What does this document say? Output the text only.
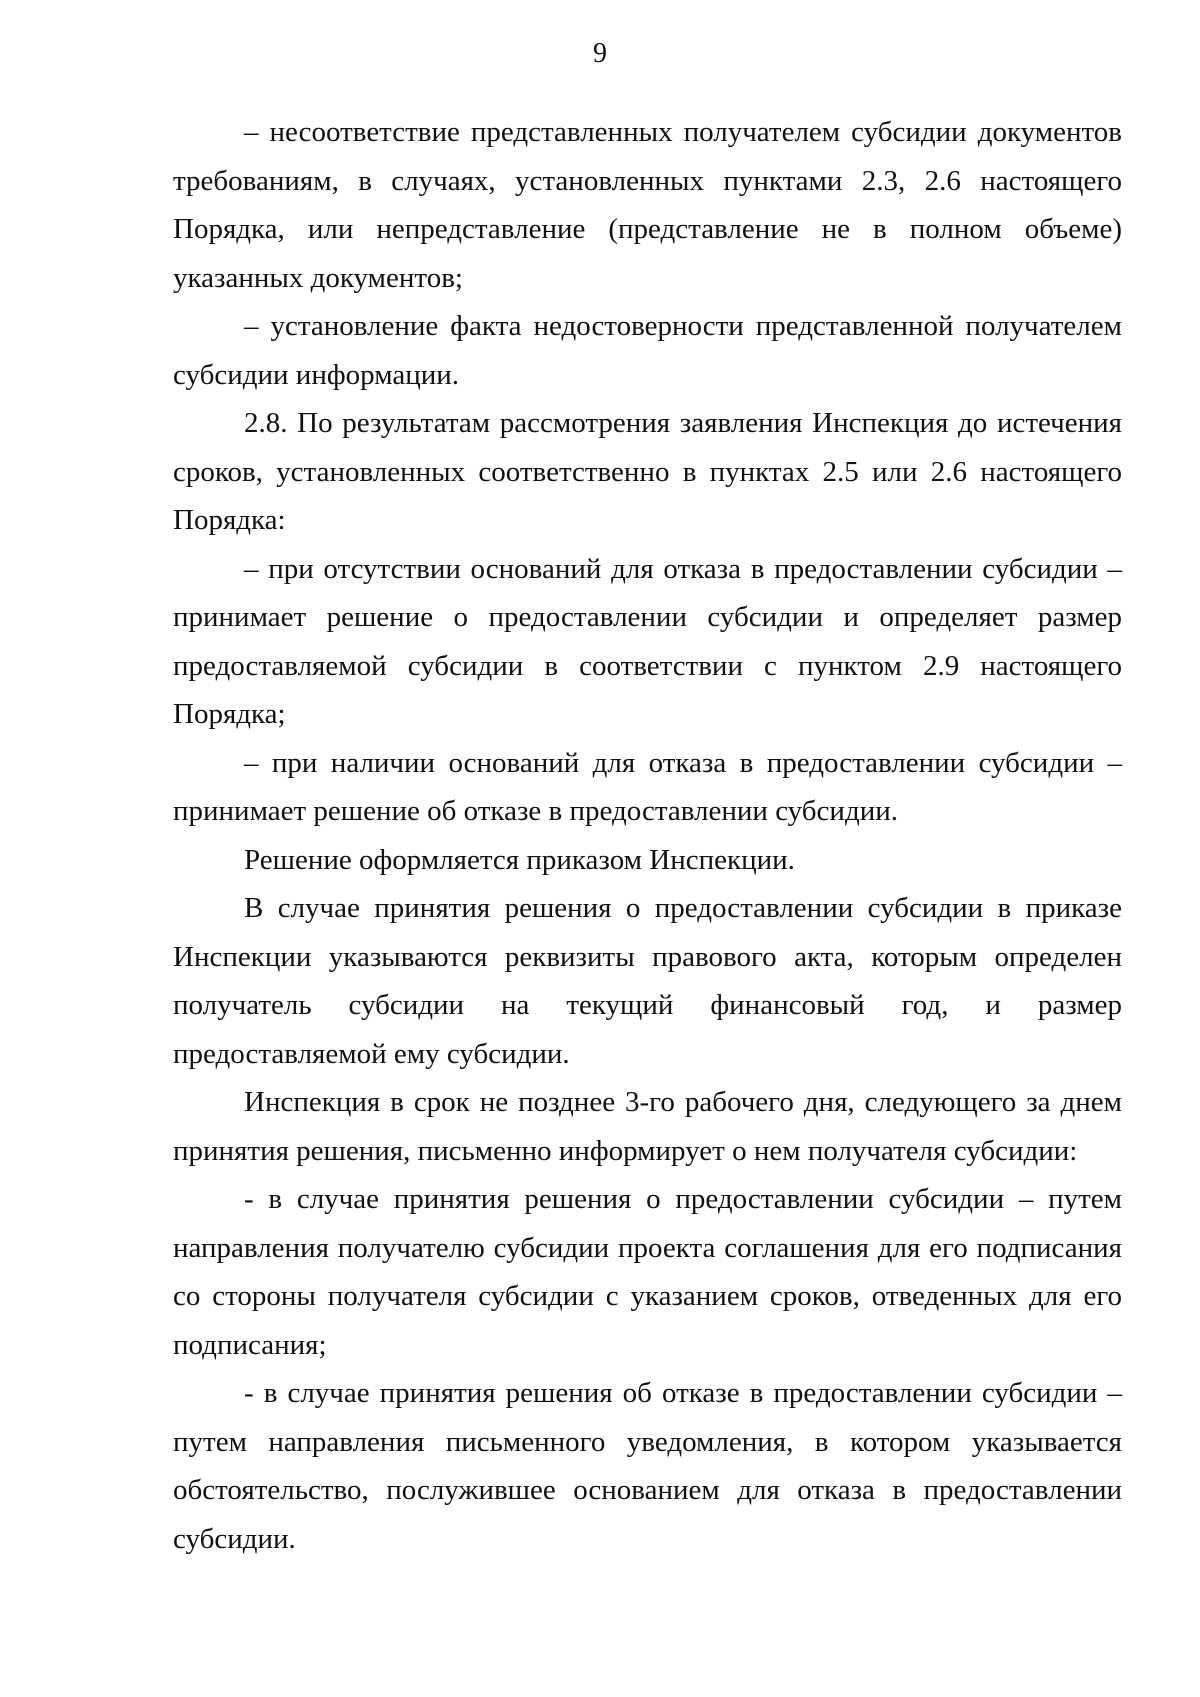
9

– несоответствие представленных получателем субсидии документов требованиям, в случаях, установленных пунктами 2.3, 2.6 настоящего Порядка, или непредставление (представление не в полном объеме) указанных документов;

– установление факта недостоверности представленной получателем субсидии информации.

2.8. По результатам рассмотрения заявления Инспекция до истечения сроков, установленных соответственно в пунктах 2.5 или 2.6 настоящего Порядка:

– при отсутствии оснований для отказа в предоставлении субсидии – принимает решение о предоставлении субсидии и определяет размер предоставляемой субсидии в соответствии с пунктом 2.9 настоящего Порядка;

– при наличии оснований для отказа в предоставлении субсидии – принимает решение об отказе в предоставлении субсидии.

Решение оформляется приказом Инспекции.

В случае принятия решения о предоставлении субсидии в приказе Инспекции указываются реквизиты правового акта, которым определен получатель субсидии на текущий финансовый год, и размер предоставляемой ему субсидии.

Инспекция в срок не позднее 3-го рабочего дня, следующего за днем принятия решения, письменно информирует о нем получателя субсидии:

- в случае принятия решения о предоставлении субсидии – путем направления получателю субсидии проекта соглашения для его подписания со стороны получателя субсидии с указанием сроков, отведенных для его подписания;

- в случае принятия решения об отказе в предоставлении субсидии – путем направления письменного уведомления, в котором указывается обстоятельство, послужившее основанием для отказа в предоставлении субсидии.
